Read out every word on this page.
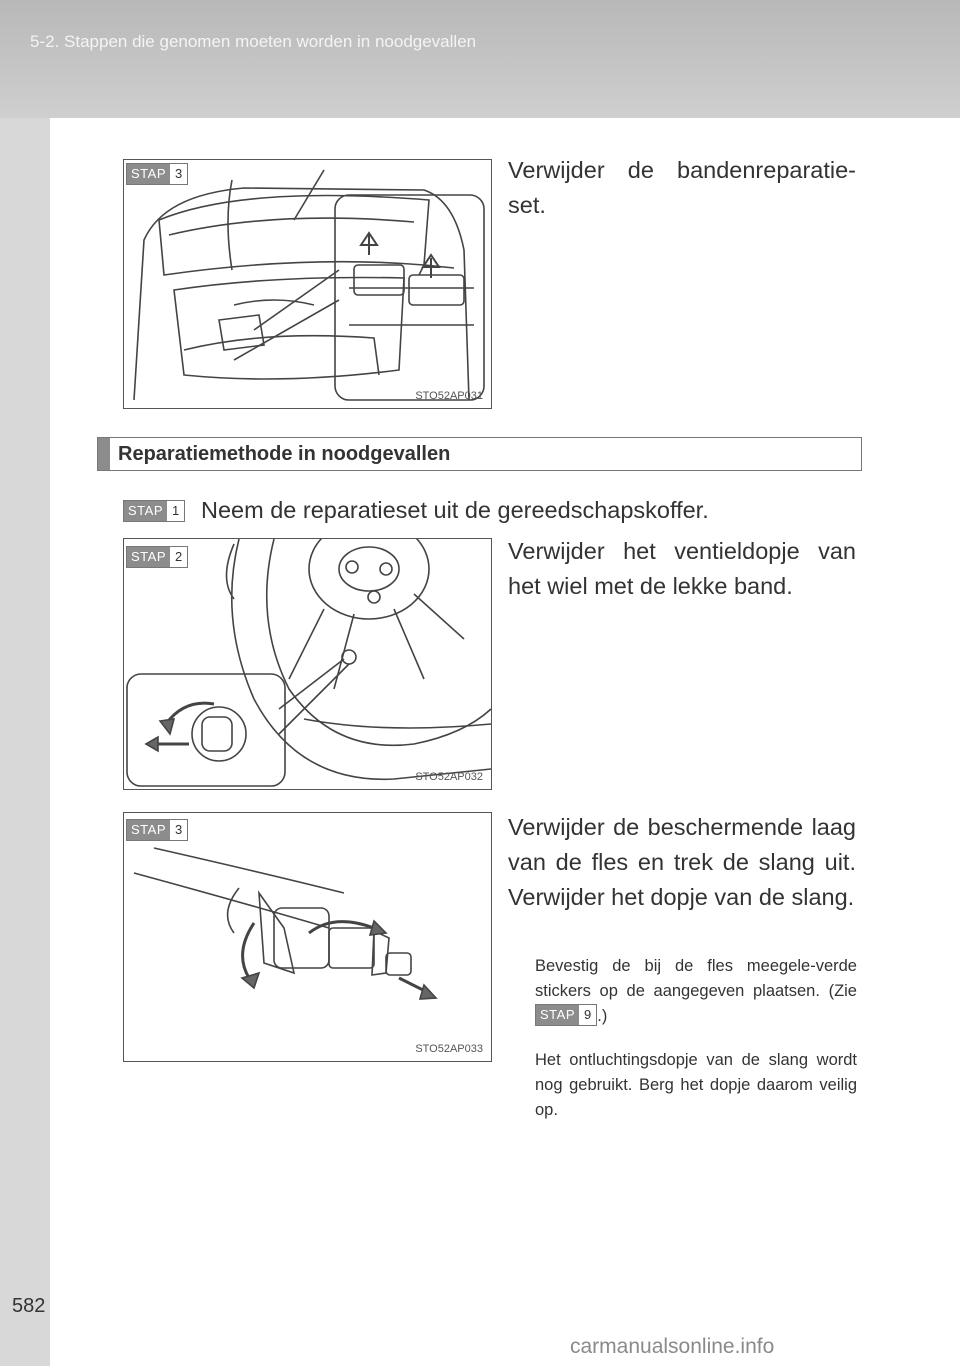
5-2. Stappen die genomen moeten worden in noodgevallen
582
STAP 3
STO52AP031
Verwijder de bandenreparatie-set.
Reparatiemethode in noodgevallen
STAP 1 Neem de reparatieset uit de gereedschapskoffer.
STAP 2
STO52AP032
Verwijder het ventieldopje van het wiel met de lekke band.
STAP 3
STO52AP033
Verwijder de beschermende laag van de fles en trek de slang uit. Verwijder het dopje van de slang.
Bevestig de bij de fles meegele-verde stickers op de aangegeven plaatsen. (Zie
STAP 9 .)
Het ontluchtingsdopje van de slang wordt nog gebruikt. Berg het dopje daarom veilig op.
carmanualsonline.info
